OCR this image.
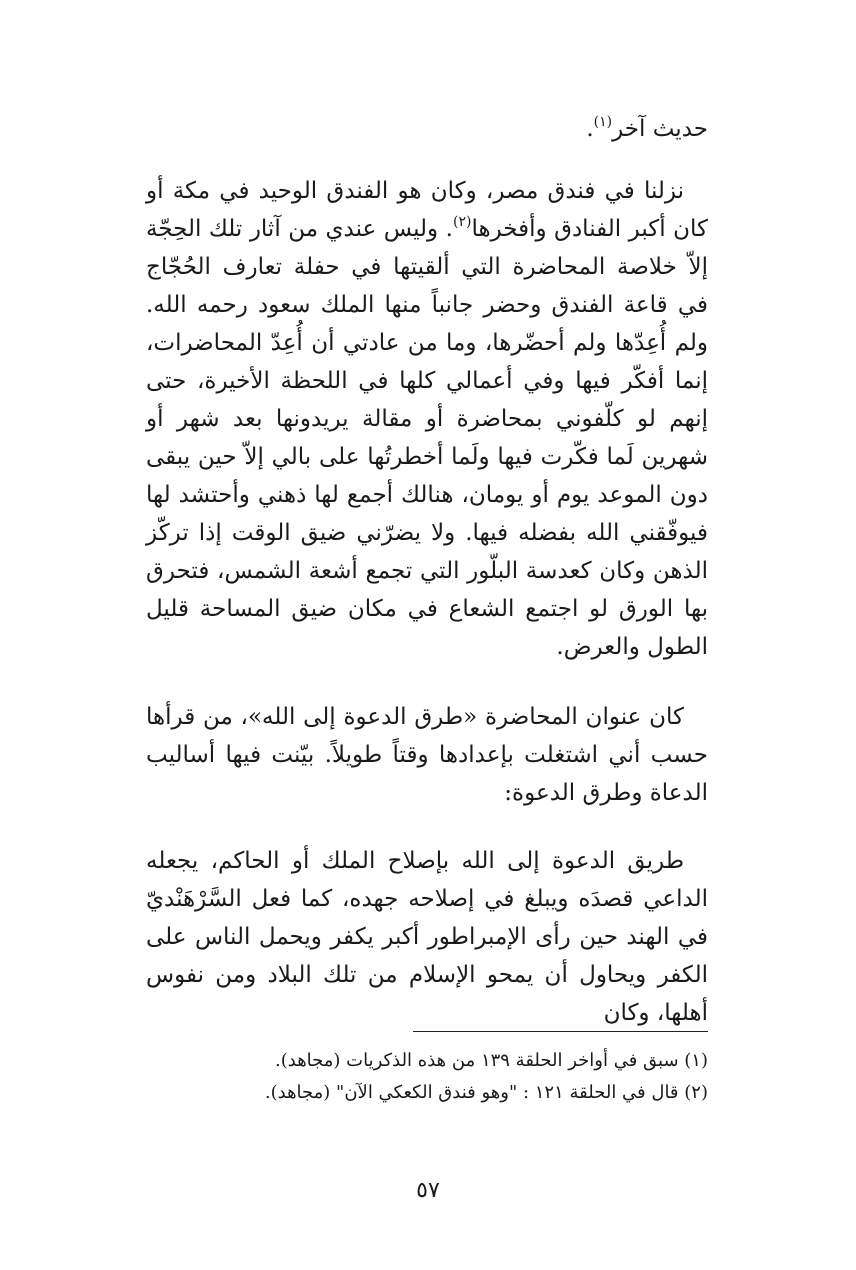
حديث آخر$^{(١)}$.

نزلنا في فندق مصر، وكان هو الفندق الوحيد في مكة أو كان أكبر الفنادق وأفخرها$^{(٢)}$. وليس عندي من آثار تلك الحِجّة إلاّ خلاصة المحاضرة التي ألقيتها في حفلة تعارف الحُجّاج في قاعة الفندق وحضر جانباً منها الملك سعود رحمه الله. ولم أُعِدّها ولم أحضّرها، وما من عادتي أن أُعِدّ المحاضرات، إنما أفكّر فيها وفي أعمالي كلها في اللحظة الأخيرة، حتى إنهم لو كلّفوني بمحاضرة أو مقالة يريدونها بعد شهر أو شهرين لَما فكّرت فيها ولَما أخطرتُها على بالي إلاّ حين يبقى دون الموعد يوم أو يومان، هنالك أجمع لها ذهني وأحتشد لها فيوفّقني الله بفضله فيها. ولا يضرّني ضيق الوقت إذا تركّز الذهن وكان كعدسة البلّور التي تجمع أشعة الشمس، فتحرق بها الورق لو اجتمع الشعاع في مكان ضيق المساحة قليل الطول والعرض.

كان عنوان المحاضرة «طرق الدعوة إلى الله»، من قرأها حسب أني اشتغلت بإعدادها وقتاً طويلاً. بيّنت فيها أساليب الدعاة وطرق الدعوة:

طريق الدعوة إلى الله بإصلاح الملك أو الحاكم، يجعله الداعي قصدَه ويبلغ في إصلاحه جهده، كما فعل السَّرْهَنْديّ في الهند حين رأى الإمبراطور أكبر يكفر ويحمل الناس على الكفر ويحاول أن يمحو الإسلام من تلك البلاد ومن نفوس أهلها، وكان

(١) سبق في أواخر الحلقة ١٣٩ من هذه الذكريات (مجاهد).

(٢) قال في الحلقة ١٢١ : "وهو فندق الكعكي الآن" (مجاهد).

٥٧
